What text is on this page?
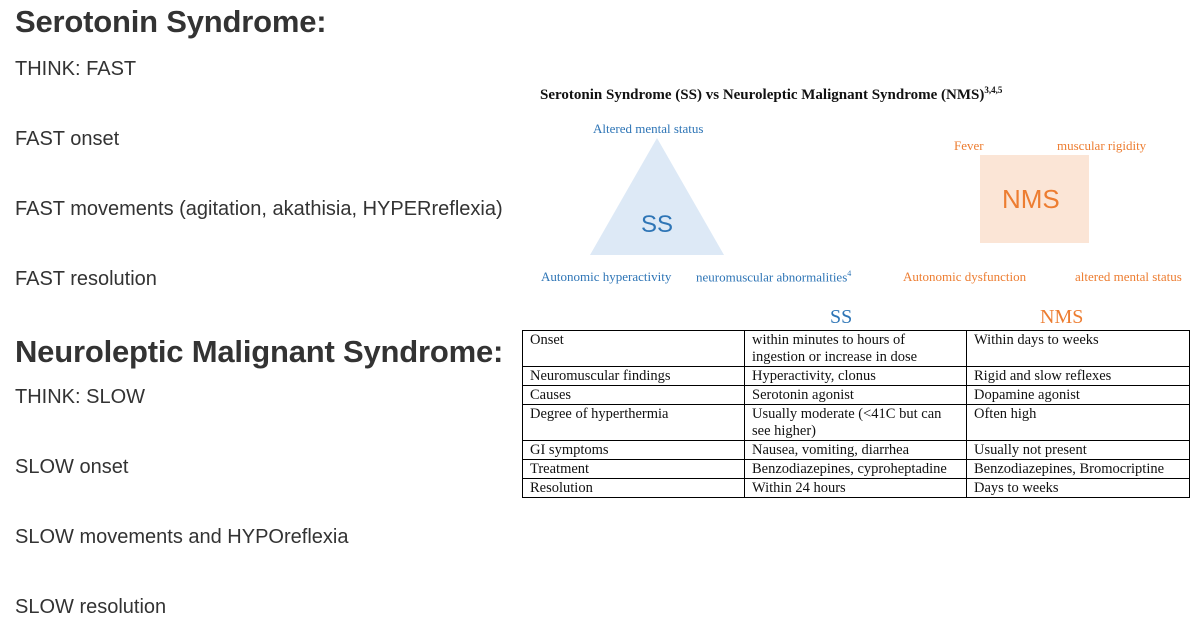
Serotonin Syndrome:
THINK: FAST
FAST onset
FAST movements (agitation, akathisia, HYPERreflexia)
FAST resolution
Neuroleptic Malignant Syndrome:
THINK: SLOW
SLOW onset
SLOW movements and HYPOreflexia
SLOW resolution
Serotonin Syndrome (SS) vs Neuroleptic Malignant Syndrome (NMS)$^{3,4,5}$
Altered mental status
SS
Autonomic hyperactivity neuromuscular abnormalities$^4$
Fever	muscular rigidity
NMS
Autonomic dysfunction	altered mental status
SS	NMS
Onset	within minutes to hours of ingestion or increase in dose	Within days to weeks
Neuromuscular findings	Hyperactivity, clonus	Rigid and slow reflexes
Causes	Serotonin agonist	Dopamine agonist
Degree of hyperthermia	Usually moderate (<41C but can see higher)	Often high
GI symptoms	Nausea, vomiting, diarrhea	Usually not present
Treatment	Benzodiazepines, cyproheptadine	Benzodiazepines, Bromocriptine
Resolution	Within 24 hours	Days to weeks
